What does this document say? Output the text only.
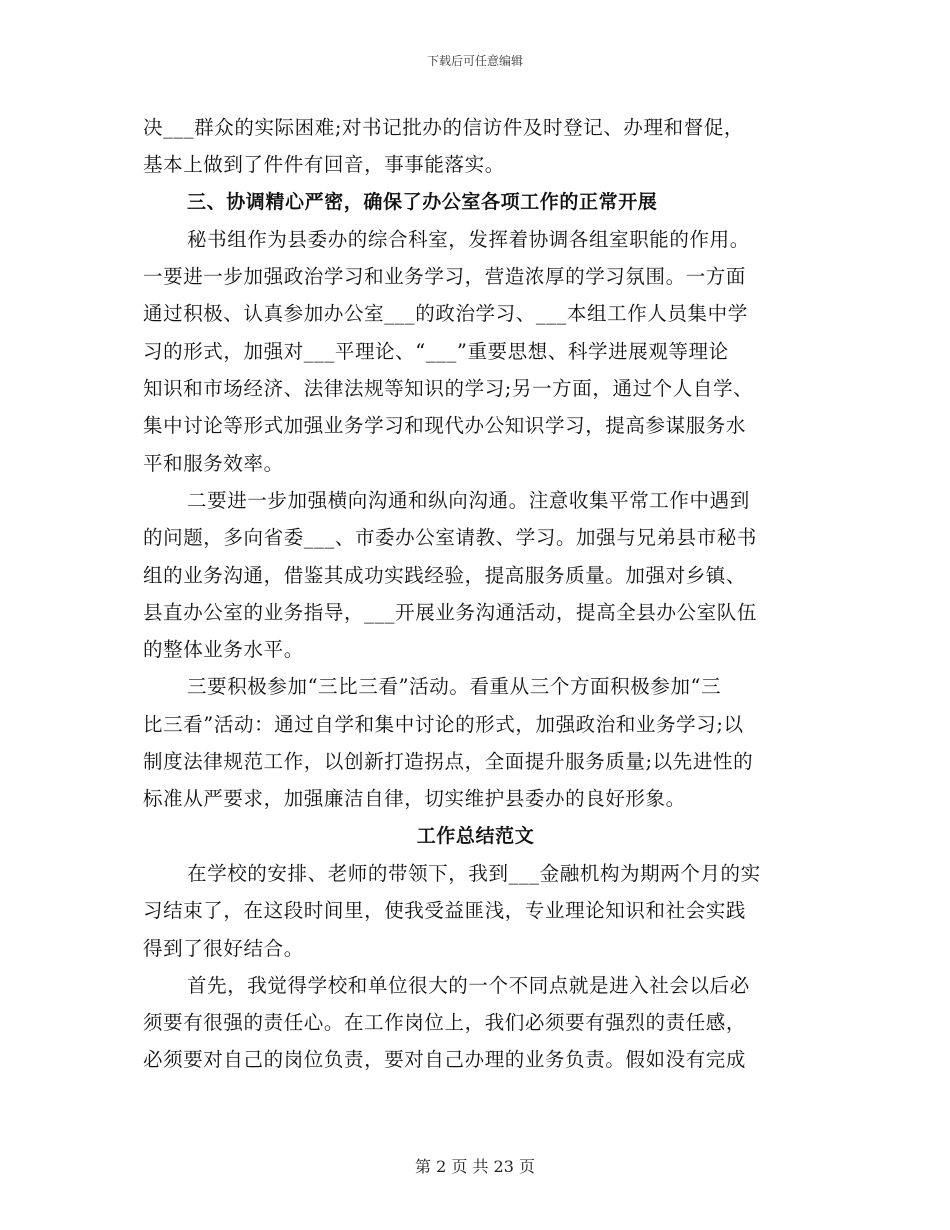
下载后可任意编辑
决___群众的实际困难;对书记批办的信访件及时登记、办理和督促，
基本上做到了件件有回音，事事能落实。
三、协调精心严密，确保了办公室各项工作的正常开展
秘书组作为县委办的综合科室，发挥着协调各组室职能的作用。
一要进一步加强政治学习和业务学习，营造浓厚的学习氛围。一方面
通过积极、认真参加办公室___的政治学习、___本组工作人员集中学
习的形式，加强对___平理论、“___”重要思想、科学进展观等理论
知识和市场经济、法律法规等知识的学习;另一方面，通过个人自学、
集中讨论等形式加强业务学习和现代办公知识学习，提高参谋服务水
平和服务效率。
二要进一步加强横向沟通和纵向沟通。注意收集平常工作中遇到
的问题，多向省委___、市委办公室请教、学习。加强与兄弟县市秘书
组的业务沟通，借鉴其成功实践经验，提高服务质量。加强对乡镇、
县直办公室的业务指导，___开展业务沟通活动，提高全县办公室队伍
的整体业务水平。
三要积极参加“三比三看”活动。看重从三个方面积极参加“三
比三看”活动：通过自学和集中讨论的形式，加强政治和业务学习;以
制度法律规范工作，以创新打造拐点，全面提升服务质量;以先进性的
标准从严要求，加强廉洁自律，切实维护县委办的良好形象。
工作总结范文
在学校的安排、老师的带领下，我到___金融机构为期两个月的实
习结束了，在这段时间里，使我受益匪浅，专业理论知识和社会实践
得到了很好结合。
首先，我觉得学校和单位很大的一个不同点就是进入社会以后必
须要有很强的责任心。在工作岗位上，我们必须要有强烈的责任感，
必须要对自己的岗位负责，要对自己办理的业务负责。假如没有完成
第 2 页 共 23 页
